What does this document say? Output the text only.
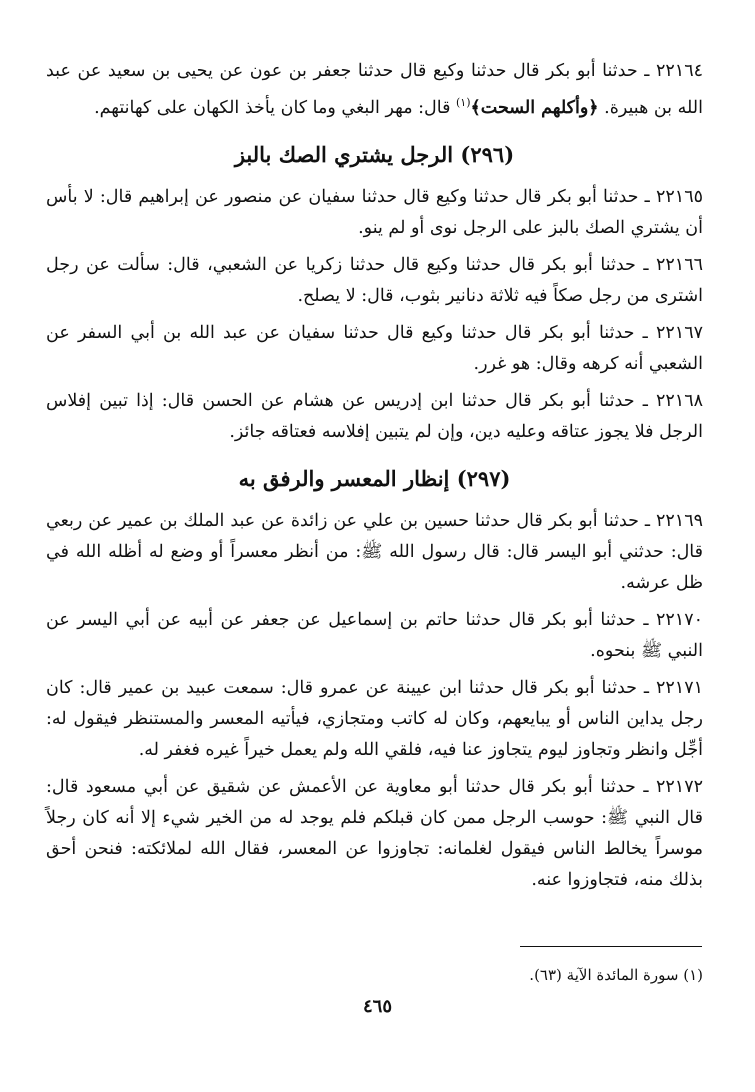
٢٢١٦٤ ـ حدثنا أبو بكر قال حدثنا وكيع قال حدثنا جعفر بن عون عن يحيى بن سعيد عن عبد الله بن هبيرة. ﴿وأكلهم السحت﴾$^{(١)}$ قال: مهر البغي وما كان يأخذ الكهان على كهانتهم.

(٢٩٦) الرجل يشتري الصك بالبز

٢٢١٦٥ ـ حدثنا أبو بكر قال حدثنا وكيع قال حدثنا سفيان عن منصور عن إبراهيم قال: لا بأس أن يشتري الصك بالبز على الرجل نوى أو لم ينو.

٢٢١٦٦ ـ حدثنا أبو بكر قال حدثنا وكيع قال حدثنا زكريا عن الشعبي، قال: سألت عن رجل اشترى من رجل صكاً فيه ثلاثة دنانير بثوب، قال: لا يصلح.

٢٢١٦٧ ـ حدثنا أبو بكر قال حدثنا وكيع قال حدثنا سفيان عن عبد الله بن أبي السفر عن الشعبي أنه كرهه وقال: هو غرر.

٢٢١٦٨ ـ حدثنا أبو بكر قال حدثنا ابن إدريس عن هشام عن الحسن قال: إذا تبين إفلاس الرجل فلا يجوز عتاقه وعليه دين، وإن لم يتبين إفلاسه فعتاقه جائز.

(٢٩٧) إنظار المعسر والرفق به

٢٢١٦٩ ـ حدثنا أبو بكر قال حدثنا حسين بن علي عن زائدة عن عبد الملك بن عمير عن ربعي قال: حدثني أبو اليسر قال: قال رسول الله ﷺ: من أنظر معسراً أو وضع له أظله الله في ظل عرشه.

٢٢١٧٠ ـ حدثنا أبو بكر قال حدثنا حاتم بن إسماعيل عن جعفر عن أبيه عن أبي اليسر عن النبي ﷺ بنحوه.

٢٢١٧١ ـ حدثنا أبو بكر قال حدثنا ابن عيينة عن عمرو قال: سمعت عبيد بن عمير قال: كان رجل يداين الناس أو يبايعهم، وكان له كاتب ومتجازي، فيأتيه المعسر والمستنظر فيقول له: أجِّل وانظر وتجاوز ليوم يتجاوز عنا فيه، فلقي الله ولم يعمل خيراً غيره فغفر له.

٢٢١٧٢ ـ حدثنا أبو بكر قال حدثنا أبو معاوية عن الأعمش عن شقيق عن أبي مسعود قال: قال النبي ﷺ: حوسب الرجل ممن كان قبلكم فلم يوجد له من الخير شيء إلا أنه كان رجلاً موسراً يخالط الناس فيقول لغلمانه: تجاوزوا عن المعسر، فقال الله لملائكته: فنحن أحق بذلك منه، فتجاوزوا عنه.

(١) سورة المائدة الآية (٦٣).
٤٦٥
